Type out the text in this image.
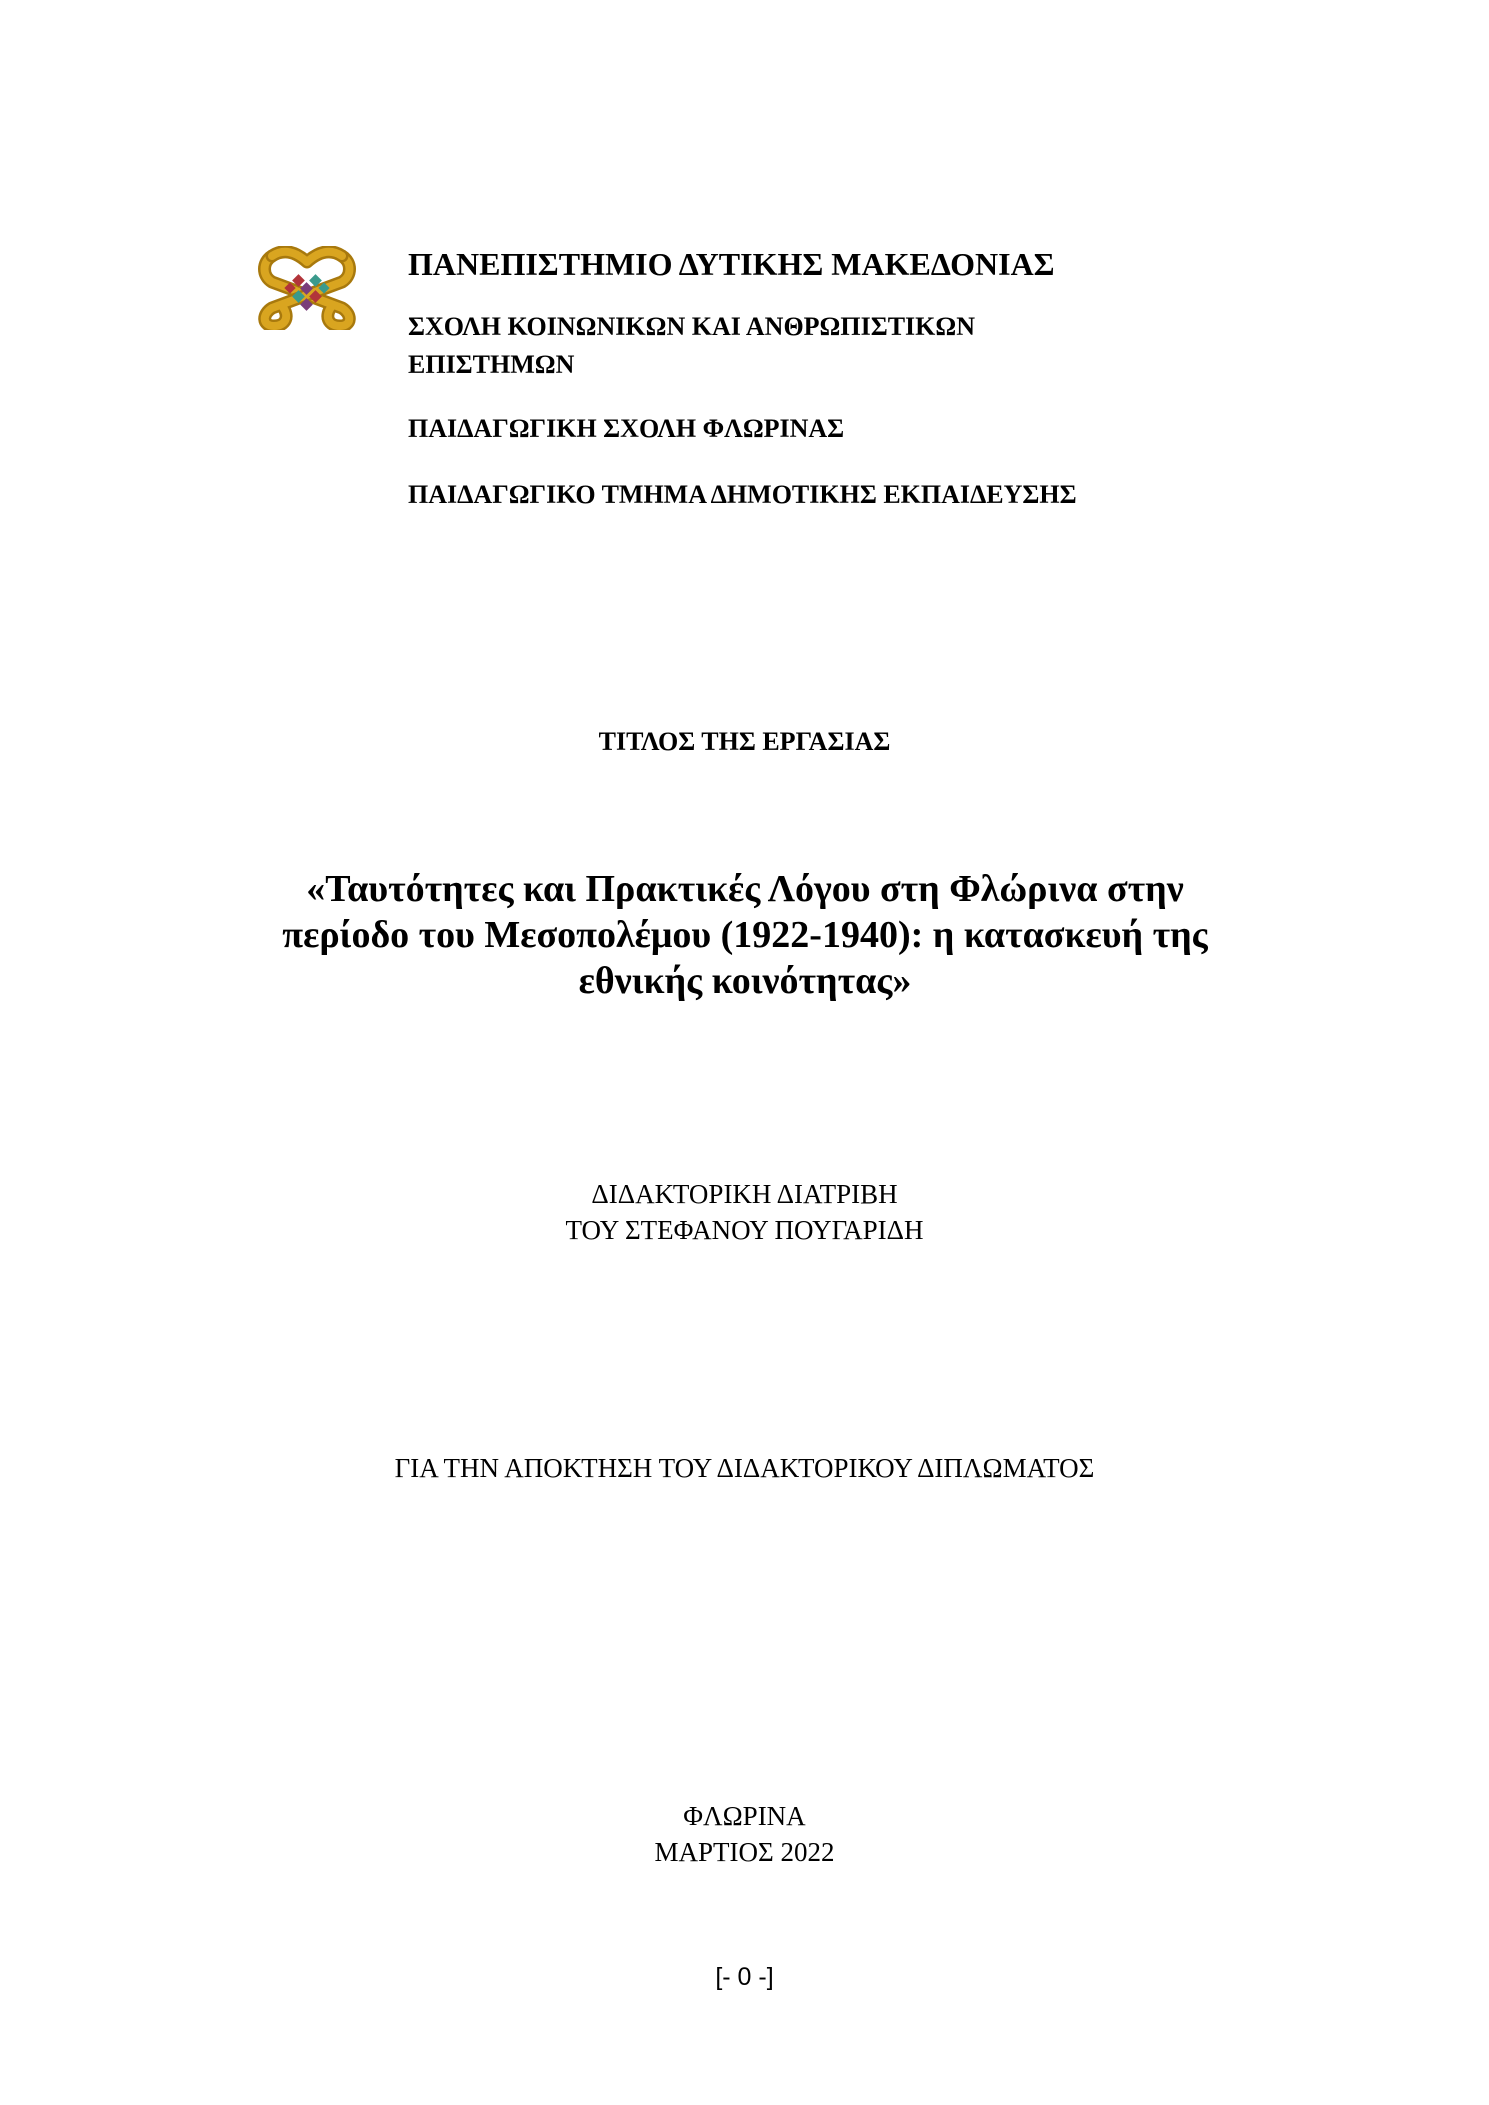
ΠΑΝΕΠΙΣΤΗΜΙΟ ΔΥΤΙΚΗΣ ΜΑΚΕΔΟΝΙΑΣ
ΣΧΟΛΗ ΚΟΙΝΩΝΙΚΩΝ ΚΑΙ ΑΝΘΡΩΠΙΣΤΙΚΩΝ
ΕΠΙΣΤΗΜΩΝ
ΠΑΙΔΑΓΩΓΙΚΗ ΣΧΟΛΗ ΦΛΩΡΙΝΑΣ
ΠΑΙΔΑΓΩΓΙΚΟ ΤΜΗΜΑ ΔΗΜΟΤΙΚΗΣ ΕΚΠΑΙΔΕΥΣΗΣ
ΤΙΤΛΟΣ ΤΗΣ ΕΡΓΑΣΙΑΣ
«Ταυτότητες και Πρακτικές Λόγου στη Φλώρινα στην
περίοδο του Μεσοπολέμου (1922-1940): η κατασκευή της
εθνικής κοινότητας»
ΔΙΔΑΚΤΟΡΙΚΗ ΔΙΑΤΡΙΒΗ
ΤΟΥ ΣΤΕΦΑΝΟΥ ΠΟΥΓΑΡΙΔΗ
ΓΙΑ ΤΗΝ ΑΠΟΚΤΗΣΗ ΤΟΥ ΔΙΔΑΚΤΟΡΙΚΟΥ ΔΙΠΛΩΜΑΤΟΣ
ΦΛΩΡΙΝΑ
ΜΑΡΤΙΟΣ 2022
[- 0 -]
